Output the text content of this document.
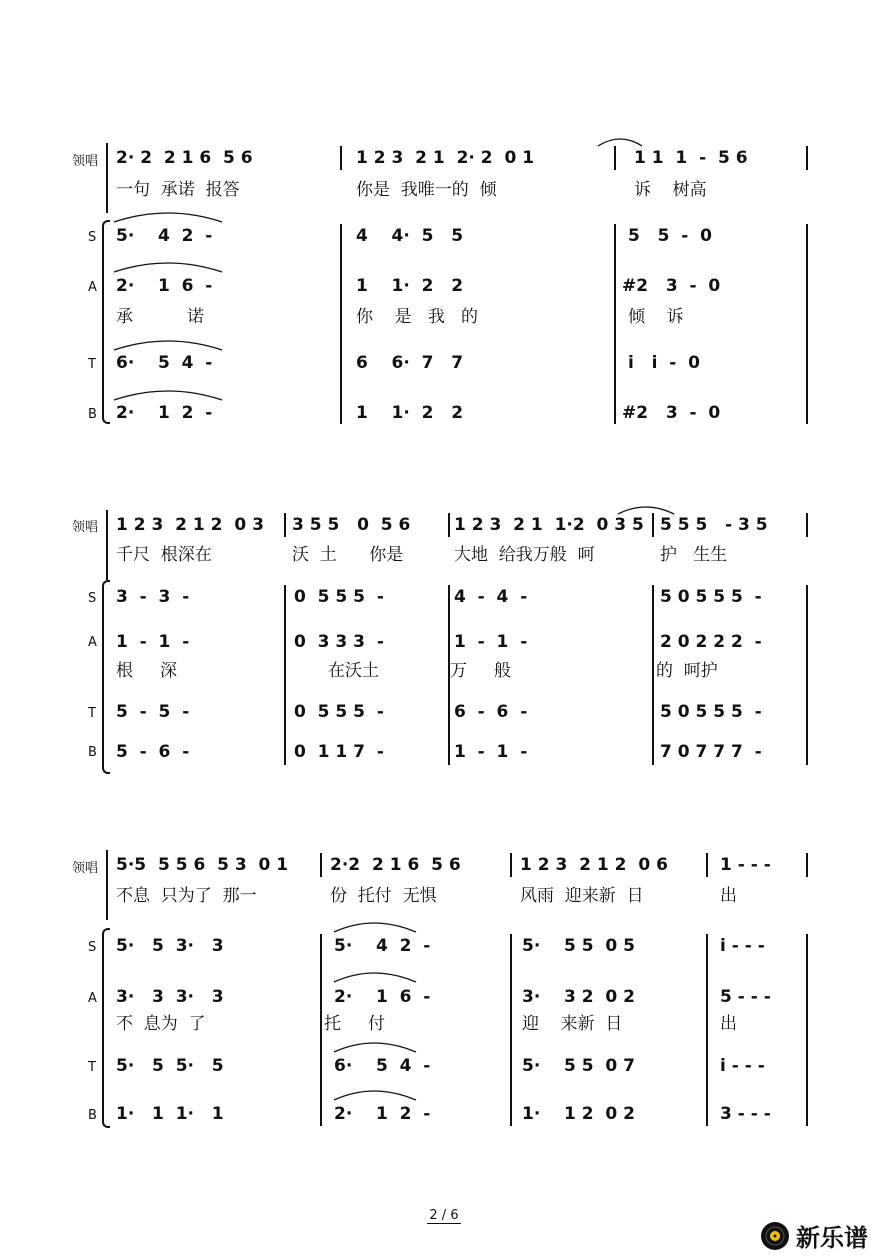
领唱

2· 2  2 1 6  5 6

	1 2 3  2 1  2· 2  0 1

	1 1  1  -  5 6

一句  承诺  报答

	你是  我唯一的  倾

	诉    树高

S

5·    4  2  -

	4    4·  5   5

	5   5  -  0

A

2·    1  6  -

	1    1·  2   2

	#2   3  -  0

承          诺

	你    是   我   的

	倾    诉

T

6·    5  4  -

	6    6·  7   7

	i   i  -  0

B

2·    1  2  -

	1    1·  2   2

	#2   3  -  0

领唱

1 2 3  2 1 2  0 3

3 5 5   0  5 6

	1 2 3  2 1  1·2  0 3 5

5 5 5   - 3 5

千尺  根深在

	沃  土      你是

	大地  给我万般  呵

	护   生生

S

3  -  3  -

	0  5 5 5  -

	4  -  4  -

	5 0 5 5 5  -

A

1  -  1  -

	0  3 3 3  -

	1  -  1  -

	2 0 2 2 2  -

根     深

	在沃土

	万     般

	的  呵护

T

5  -  5  -

	0  5 5 5  -

	6  -  6  -

	5 0 5 5 5  -

B

5  -  6  -

	0  1 1 7  -

	1  -  1  -

	7 0 7 7 7  -

领唱

5·5  5 5 6  5 3  0 1

2·2  2 1 6  5 6

	1 2 3  2 1 2  0 6

	1 - - -

不息  只为了  那一

	份  托付  无惧

	风雨  迎来新  日

	出

S

5·   5  3·   3

	5·    4  2  -

	5·    5 5  0 5

	i - - -

A

3·   3  3·   3

	2·    1  6  -

	3·    3 2  0 2

	5 - - -

不  息为  了

	托     付

	迎    来新  日

	出

T

5·   5  5·   5

	6·    5  4  -

	5·    5 5  0 7

	i - - -

B

1·   1  1·   1

	2·    1  2  -

	1·    1 2  0 2

	3 - - -

2 / 6
新乐谱
